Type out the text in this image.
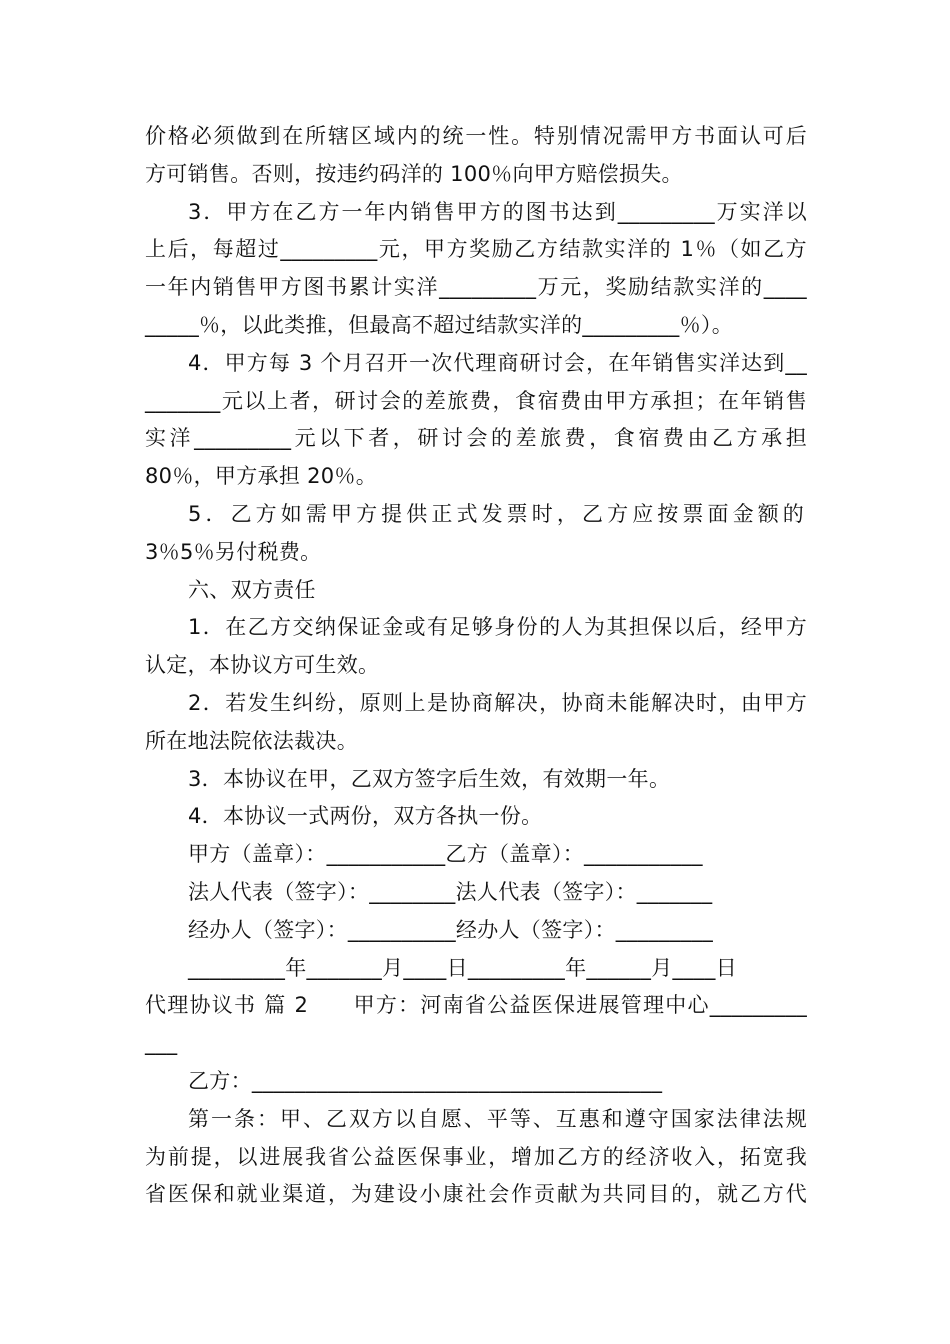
价格必须做到在所辖区域内的统一性。特别情况需甲方书面认可后
方可销售。否则，按违约码洋的 100％向甲方赔偿损失。
3．甲方在乙方一年内销售甲方的图书达到_________万实洋以
上后，每超过_________元，甲方奖励乙方结款实洋的 1％（如乙方
一年内销售甲方图书累计实洋_________万元，奖励结款实洋的____
_____％，以此类推，但最高不超过结款实洋的_________％）。
4．甲方每 3 个月召开一次代理商研讨会，在年销售实洋达到__
_______元以上者，研讨会的差旅费，食宿费由甲方承担；在年销售
实洋_________元以下者，研讨会的差旅费，食宿费由乙方承担
80％，甲方承担 20％。
5．乙方如需甲方提供正式发票时，乙方应按票面金额的
3％5％另付税费。
六、双方责任
1．在乙方交纳保证金或有足够身份的人为其担保以后，经甲方
认定，本协议方可生效。
2．若发生纠纷，原则上是协商解决，协商未能解决时，由甲方
所在地法院依法裁决。
3．本协议在甲，乙双方签字后生效，有效期一年。
4．本协议一式两份，双方各执一份。
甲方（盖章）：___________乙方（盖章）：___________
法人代表（签字）：________法人代表（签字）：_______
经办人（签字）：__________经办人（签字）：_________
_________年_______月____日_________年______月____日
代理协议书 篇 2　　甲方：河南省公益医保进展管理中心_________
___
乙方：______________________________________
第一条：甲、乙双方以自愿、平等、互惠和遵守国家法律法规
为前提，以进展我省公益医保事业，增加乙方的经济收入，拓宽我
省医保和就业渠道，为建设小康社会作贡献为共同目的，就乙方代
